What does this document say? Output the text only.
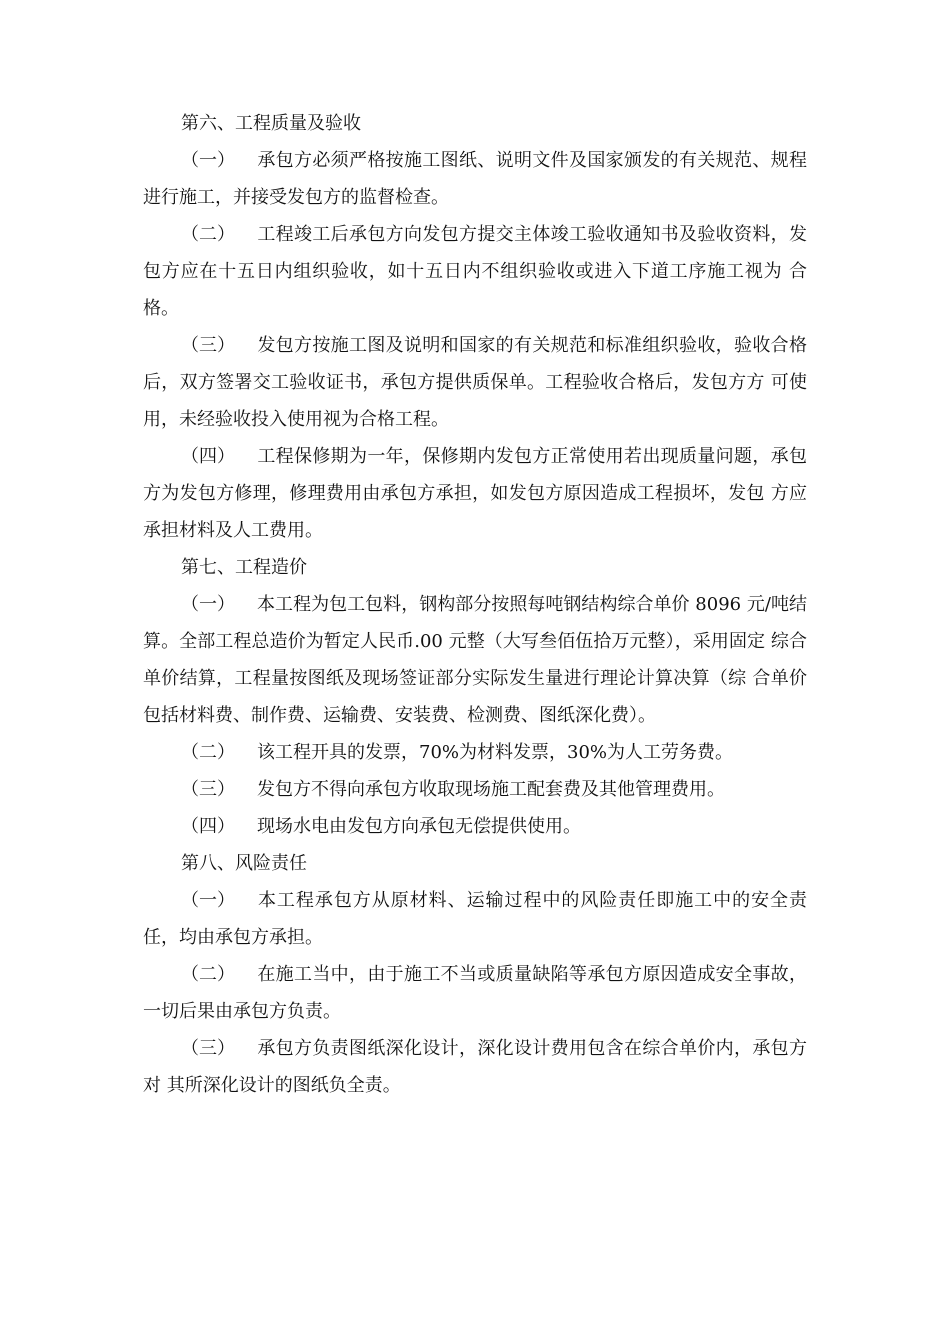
第六、工程质量及验收

（一） 承包方必须严格按施工图纸、说明文件及国家颁发的有关规范、规程 进行施工，并接受发包方的监督检查。

（二） 工程竣工后承包方向发包方提交主体竣工验收通知书及验收资料，发 包方应在十五日内组织验收，如十五日内不组织验收或进入下道工序施工视为 合格。

（三） 发包方按施工图及说明和国家的有关规范和标准组织验收，验收合格 后，双方签署交工验收证书，承包方提供质保单。工程验收合格后，发包方方 可使用，未经验收投入使用视为合格工程。

（四） 工程保修期为一年，保修期内发包方正常使用若出现质量问题，承包 方为发包方修理，修理费用由承包方承担，如发包方原因造成工程损坏，发包 方应承担材料及人工费用。

第七、工程造价

（一） 本工程为包工包料，钢构部分按照每吨钢结构综合单价 8096 元/吨结 算。全部工程总造价为暂定人民币.00 元整（大写叁佰伍拾万元整），采用固定 综合单价结算，工程量按图纸及现场签证部分实际发生量进行理论计算决算（综 合单价包括材料费、制作费、运输费、安装费、检测费、图纸深化费）。

（二） 该工程开具的发票，70%为材料发票，30%为人工劳务费。

（三） 发包方不得向承包方收取现场施工配套费及其他管理费用。

（四） 现场水电由发包方向承包无偿提供使用。

第八、风险责任

（一） 本工程承包方从原材料、运输过程中的风险责任即施工中的安全责 任，均由承包方承担。

（二） 在施工当中，由于施工不当或质量缺陷等承包方原因造成安全事故， 一切后果由承包方负责。

（三） 承包方负责图纸深化设计，深化设计费用包含在综合单价内，承包方对 其所深化设计的图纸负全责。
